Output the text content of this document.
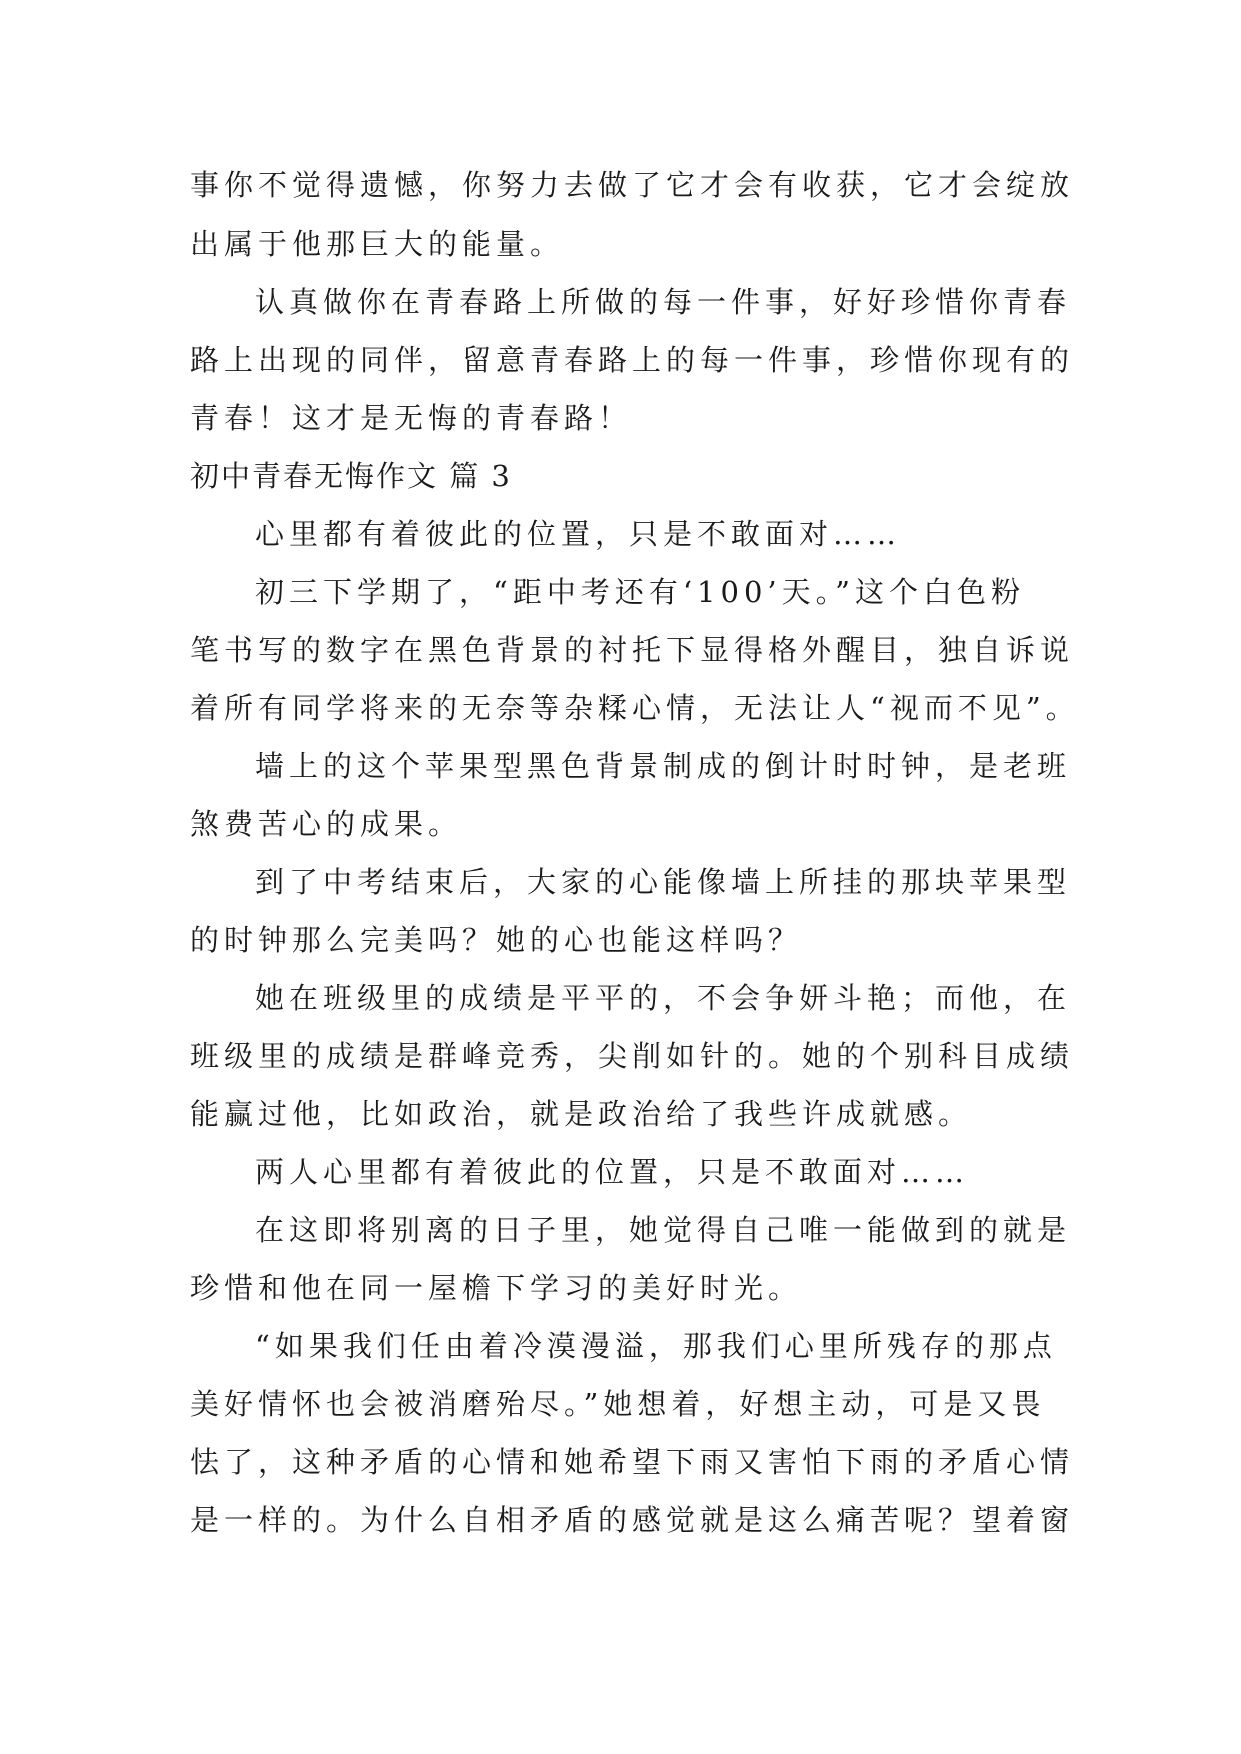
事你不觉得遗憾，你努力去做了它才会有收获，它才会绽放
出属于他那巨大的能量。
认真做你在青春路上所做的每一件事，好好珍惜你青春
路上出现的同伴，留意青春路上的每一件事，珍惜你现有的
青春！这才是无悔的青春路！
初中青春无悔作文 篇 3
心里都有着彼此的位置，只是不敢面对……
初三下学期了，“距中考还有‘100’天。”这个白色粉
笔书写的数字在黑色背景的衬托下显得格外醒目，独自诉说
着所有同学将来的无奈等杂糅心情，无法让人“视而不见”。
墙上的这个苹果型黑色背景制成的倒计时时钟，是老班
煞费苦心的成果。
到了中考结束后，大家的心能像墙上所挂的那块苹果型
的时钟那么完美吗？她的心也能这样吗？
她在班级里的成绩是平平的，不会争妍斗艳；而他，在
班级里的成绩是群峰竞秀，尖削如针的。她的个别科目成绩
能赢过他，比如政治，就是政治给了我些许成就感。
两人心里都有着彼此的位置，只是不敢面对……
在这即将别离的日子里，她觉得自己唯一能做到的就是
珍惜和他在同一屋檐下学习的美好时光。
“如果我们任由着冷漠漫溢，那我们心里所残存的那点
美好情怀也会被消磨殆尽。”她想着，好想主动，可是又畏
怯了，这种矛盾的心情和她希望下雨又害怕下雨的矛盾心情
是一样的。为什么自相矛盾的感觉就是这么痛苦呢？望着窗
